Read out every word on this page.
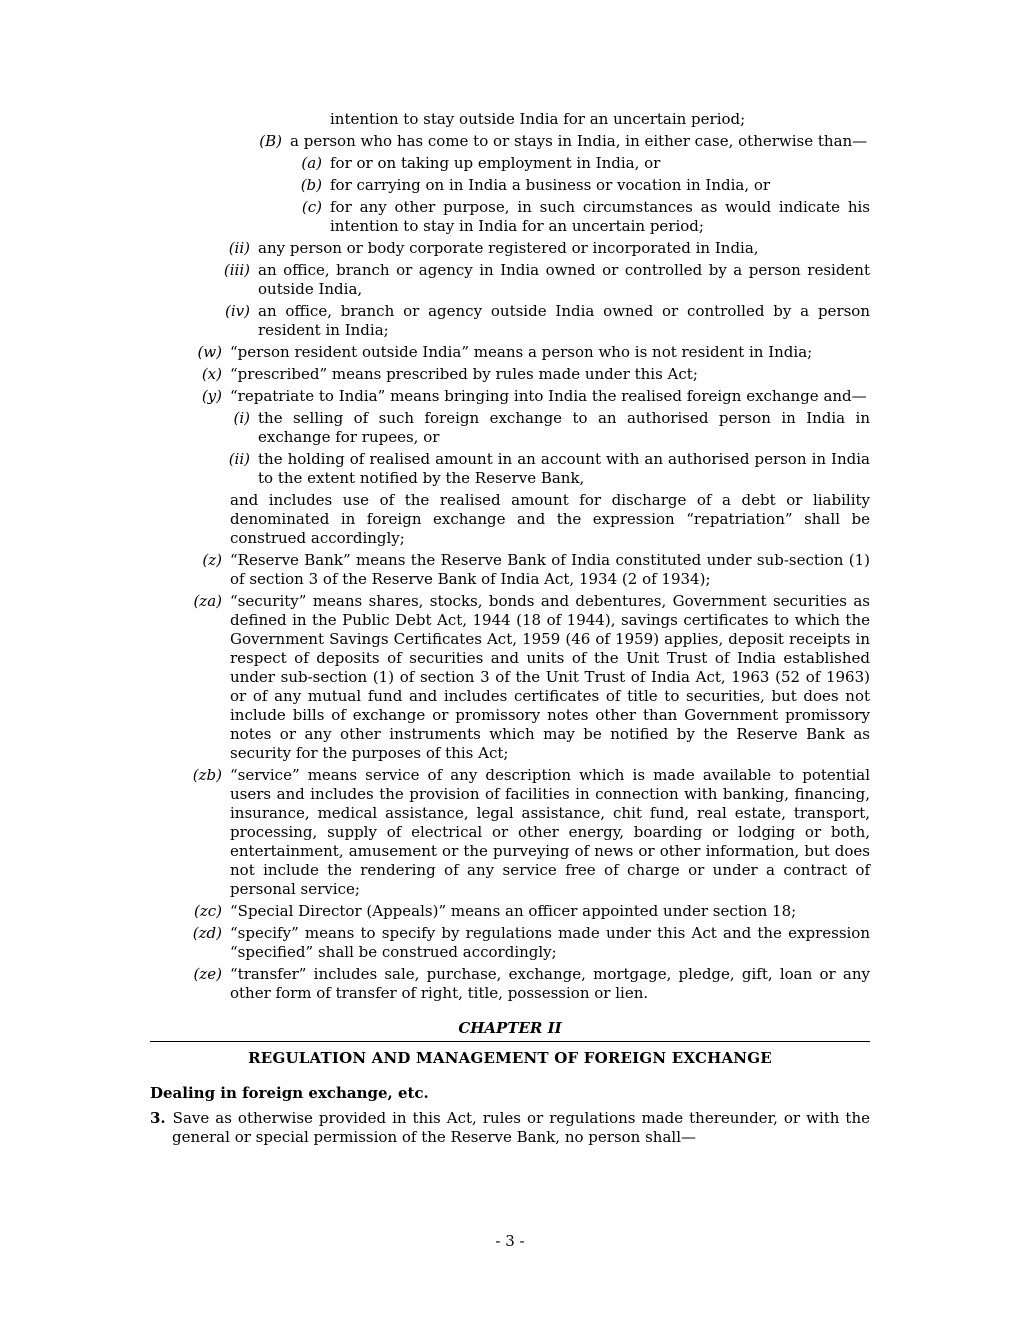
intention to stay outside India for an uncertain period;
(B) a person who has come to or stays in India, in either case, otherwise than—
(a) for or on taking up employment in India, or
(b) for carrying on in India a business or vocation in India, or
(c) for any other purpose, in such circumstances as would indicate his intention to stay in India for an uncertain period;
(ii) any person or body corporate registered or incorporated in India,
(iii) an office, branch or agency in India owned or controlled by a person resident outside India,
(iv) an office, branch or agency outside India owned or controlled by a person resident in India;
(w) “person resident outside India” means a person who is not resident in India;
(x) “prescribed” means prescribed by rules made under this Act;
(y) “repatriate to India” means bringing into India the realised foreign exchange and—
(i) the selling of such foreign exchange to an authorised person in India in exchange for rupees, or
(ii) the holding of realised amount in an account with an authorised person in India to the extent notified by the Reserve Bank,
and includes use of the realised amount for discharge of a debt or liability denominated in foreign exchange and the expression “repatriation” shall be construed accordingly;
(z) “Reserve Bank” means the Reserve Bank of India constituted under sub-section (1) of section 3 of the Reserve Bank of India Act, 1934 (2 of 1934);
(za) “security” means shares, stocks, bonds and debentures, Government securities as defined in the Public Debt Act, 1944 (18 of 1944), savings certificates to which the Government Savings Certificates Act, 1959 (46 of 1959) applies, deposit receipts in respect of deposits of securities and units of the Unit Trust of India established under sub-section (1) of section 3 of the Unit Trust of India Act, 1963 (52 of 1963) or of any mutual fund and includes certificates of title to securities, but does not include bills of exchange or promissory notes other than Government promissory notes or any other instruments which may be notified by the Reserve Bank as security for the purposes of this Act;
(zb) “service” means service of any description which is made available to potential users and includes the provision of facilities in connection with banking, financing, insurance, medical assistance, legal assistance, chit fund, real estate, transport, processing, supply of electrical or other energy, boarding or lodging or both, entertainment, amusement or the purveying of news or other information, but does not include the rendering of any service free of charge or under a contract of personal service;
(zc) “Special Director (Appeals)” means an officer appointed under section 18;
(zd) “specify” means to specify by regulations made under this Act and the expression “specified” shall be construed accordingly;
(ze) “transfer” includes sale, purchase, exchange, mortgage, pledge, gift, loan or any other form of transfer of right, title, possession or lien.
CHAPTER II
REGULATION AND MANAGEMENT OF FOREIGN EXCHANGE
Dealing in foreign exchange, etc.
3. Save as otherwise provided in this Act, rules or regulations made thereunder, or with the general or special permission of the Reserve Bank, no person shall—
- 3 -
